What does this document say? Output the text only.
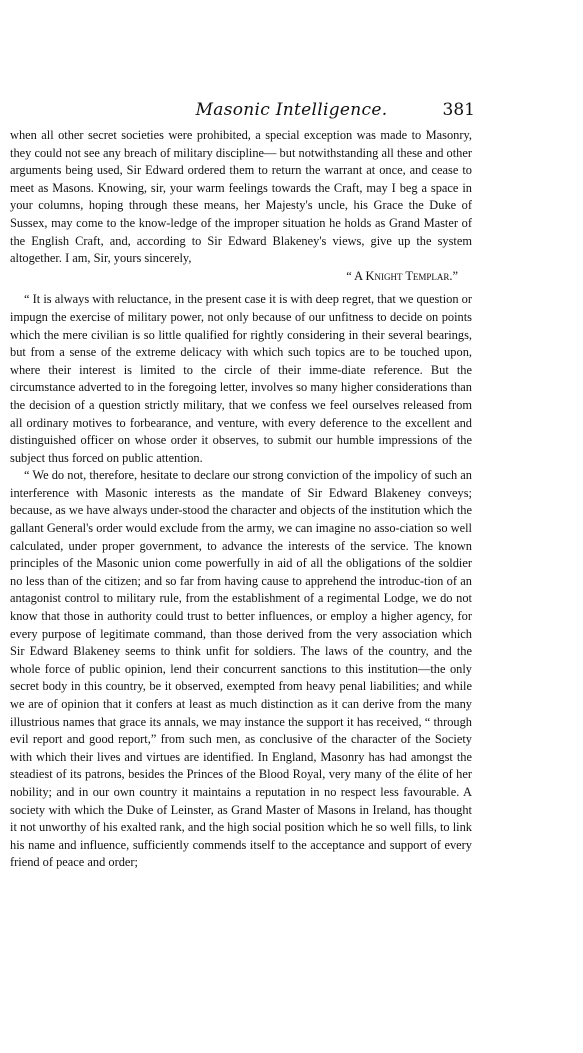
Masonic Intelligence.	381

when all other secret societies were prohibited, a special exception was made to Masonry, they could not see any breach of military discipline— but notwithstanding all these and other arguments being used, Sir Edward ordered them to return the warrant at once, and cease to meet as Masons. Knowing, sir, your warm feelings towards the Craft, may I beg a space in your columns, hoping through these means, her Majesty's uncle, his Grace the Duke of Sussex, may come to the know-ledge of the improper situation he holds as Grand Master of the English Craft, and, according to Sir Edward Blakeney's views, give up the system altogether. I am, Sir, yours sincerely,

“ A Knight Templar.”

“ It is always with reluctance, in the present case it is with deep regret, that we question or impugn the exercise of military power, not only because of our unfitness to decide on points which the mere civilian is so little qualified for rightly considering in their several bearings, but from a sense of the extreme delicacy with which such topics are to be touched upon, where their interest is limited to the circle of their imme-diate reference. But the circumstance adverted to in the foregoing letter, involves so many higher considerations than the decision of a question strictly military, that we confess we feel ourselves released from all ordinary motives to forbearance, and venture, with every deference to the excellent and distinguished officer on whose order it observes, to submit our humble impressions of the subject thus forced on public attention.

“ We do not, therefore, hesitate to declare our strong conviction of the impolicy of such an interference with Masonic interests as the mandate of Sir Edward Blakeney conveys; because, as we have always under-stood the character and objects of the institution which the gallant General's order would exclude from the army, we can imagine no asso-ciation so well calculated, under proper government, to advance the interests of the service. The known principles of the Masonic union come powerfully in aid of all the obligations of the soldier no less than of the citizen; and so far from having cause to apprehend the introduc-tion of an antagonist control to military rule, from the establishment of a regimental Lodge, we do not know that those in authority could trust to better influences, or employ a higher agency, for every purpose of legitimate command, than those derived from the very association which Sir Edward Blakeney seems to think unfit for soldiers. The laws of the country, and the whole force of public opinion, lend their concurrent sanctions to this institution—the only secret body in this country, be it observed, exempted from heavy penal liabilities; and while we are of opinion that it confers at least as much distinction as it can derive from the many illustrious names that grace its annals, we may instance the support it has received, “ through evil report and good report,” from such men, as conclusive of the character of the Society with which their lives and virtues are identified. In England, Masonry has had amongst the steadiest of its patrons, besides the Princes of the Blood Royal, very many of the élite of her nobility; and in our own country it maintains a reputation in no respect less favourable. A society with which the Duke of Leinster, as Grand Master of Masons in Ireland, has thought it not unworthy of his exalted rank, and the high social position which he so well fills, to link his name and influence, sufficiently commends itself to the acceptance and support of every friend of peace and order;
